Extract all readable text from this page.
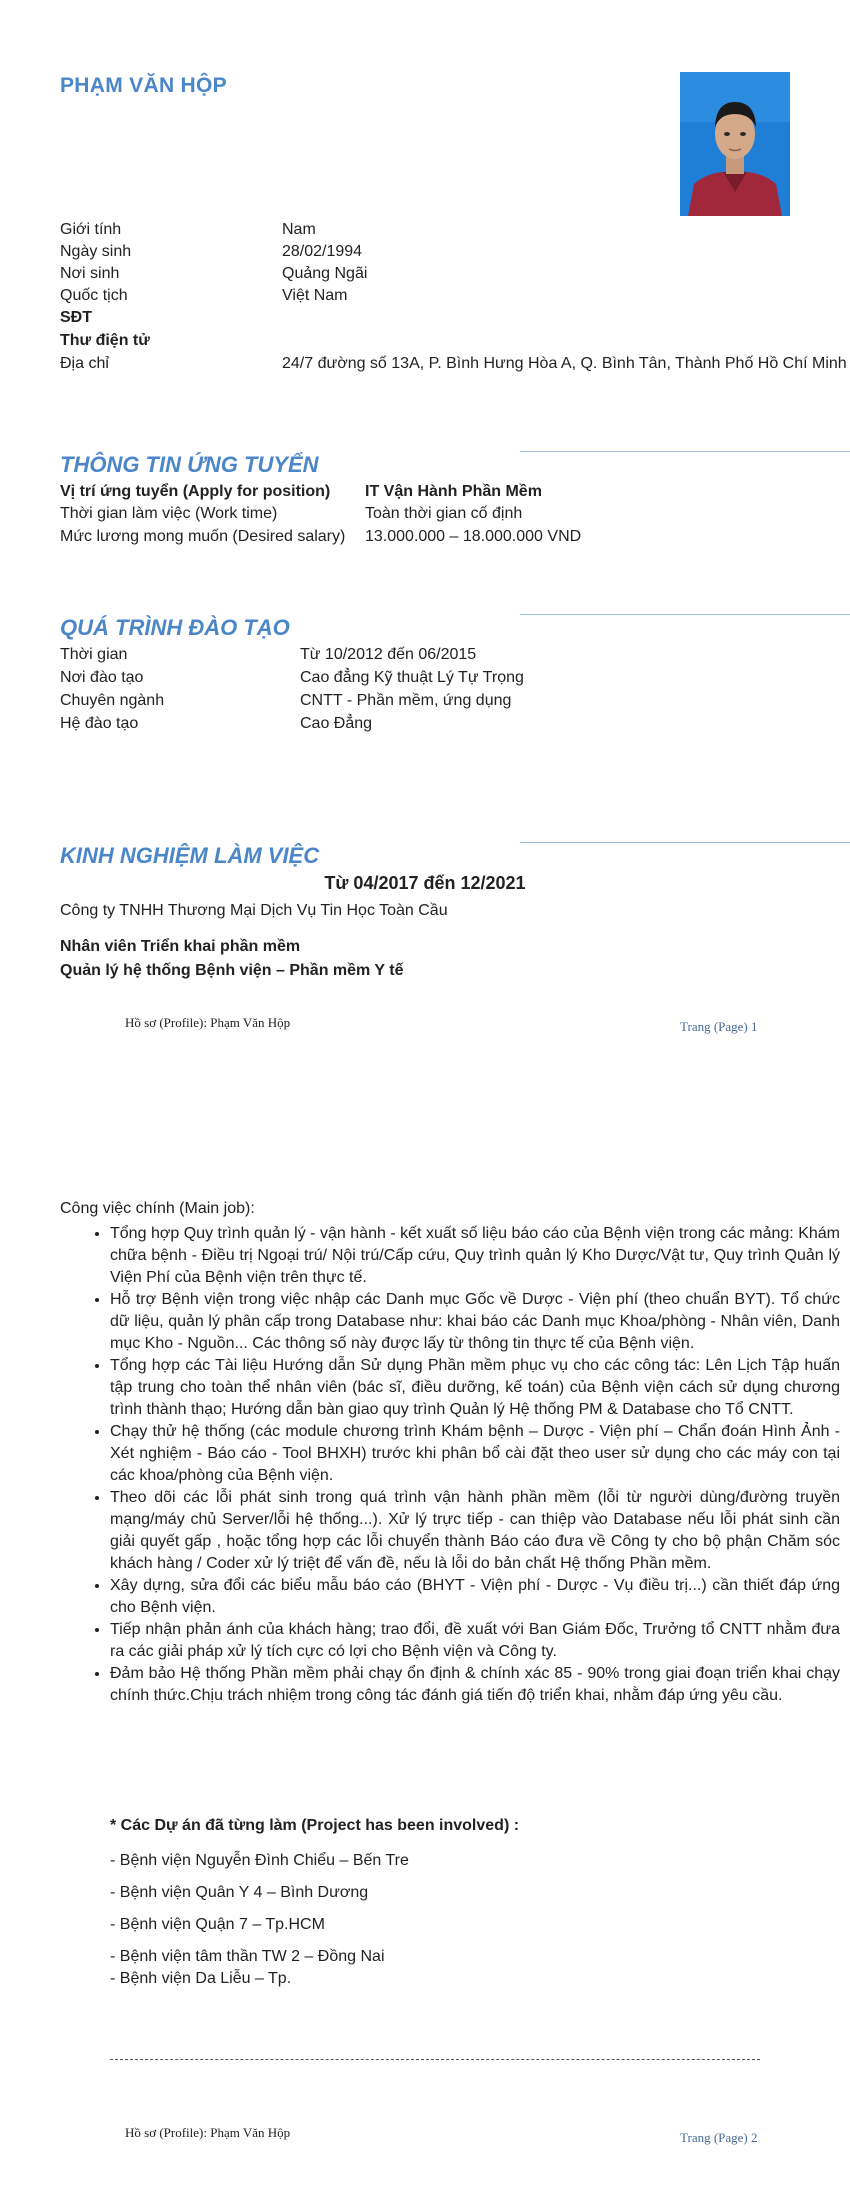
PHẠM VĂN HỘP
Giới tính	Nam
Ngày sinh	28/02/1994
Nơi sinh	Quảng Ngãi
Quốc tịch	Việt Nam
SĐT
Thư điện tử
Địa chỉ	24/7 đường số 13A, P. Bình Hưng Hòa A, Q. Bình Tân, Thành Phố Hồ Chí Minh
THÔNG TIN ỨNG TUYỂN
Vị trí ứng tuyển (Apply for position) IT Vận Hành Phần Mềm
Thời gian làm việc (Work time)	Toàn thời gian cố định
Mức lương mong muốn (Desired salary) 13.000.000 – 18.000.000 VND
QUÁ TRÌNH ĐÀO TẠO
Thời gian	Từ 10/2012 đến 06/2015
Nơi đào tạo	Cao đẳng Kỹ thuật Lý Tự Trọng
Chuyên ngành	CNTT - Phần mềm, ứng dụng
Hệ đào tạo	Cao Đẳng
KINH NGHIỆM LÀM VIỆC
Từ 04/2017 đến 12/2021
Công ty TNHH Thương Mại Dịch Vụ Tin Học Toàn Cầu
Nhân viên Triển khai phần mềm
Quản lý hệ thống Bệnh viện – Phần mềm Y tế
Hồ sơ (Profile): Phạm Văn Hộp	Trang (Page) 1
Công việc chính (Main job):
• Tổng hợp Quy trình quản lý - vận hành - kết xuất số liệu báo cáo của Bệnh viện trong các mảng: Khám chữa bệnh - Điều trị Ngoại trú/ Nội trú/Cấp cứu, Quy trình quản lý Kho Dược/Vật tư, Quy trình Quản lý Viện Phí của Bệnh viện trên thực tế.
• Hỗ trợ Bệnh viện trong việc nhập các Danh mục Gốc về Dược - Viện phí (theo chuẩn BYT). Tổ chức dữ liệu, quản lý phân cấp trong Database như: khai báo các Danh mục Khoa/phòng - Nhân viên, Danh mục Kho - Nguồn... Các thông số này được lấy từ thông tin thực tế của Bệnh viện.
• Tổng hợp các Tài liệu Hướng dẫn Sử dụng Phần mềm phục vụ cho các công tác: Lên Lịch Tập huấn tập trung cho toàn thể nhân viên (bác sĩ, điều dưỡng, kế toán) của Bệnh viện cách sử dụng chương trình thành thạo; Hướng dẫn bàn giao quy trình Quản lý Hệ thống PM & Database cho Tổ CNTT.
• Chạy thử hệ thống (các module chương trình Khám bệnh – Dược - Viện phí – Chẩn đoán Hình Ảnh - Xét nghiệm - Báo cáo - Tool BHXH) trước khi phân bổ cài đặt theo user sử dụng cho các máy con tại các khoa/phòng của Bệnh viện.
• Theo dõi các lỗi phát sinh trong quá trình vận hành phần mềm (lỗi từ người dùng/đường truyền mạng/máy chủ Server/lỗi hệ thống...). Xử lý trực tiếp - can thiệp vào Database nếu lỗi phát sinh cần giải quyết gấp , hoặc tổng hợp các lỗi chuyển thành Báo cáo đưa về Công ty cho bộ phận Chăm sóc khách hàng / Coder xử lý triệt để vấn đề, nếu là lỗi do bản chất Hệ thống Phần mềm.
• Xây dựng, sửa đổi các biểu mẫu báo cáo (BHYT - Viện phí - Dược - Vụ điều trị...) cần thiết đáp ứng cho Bệnh viện.
• Tiếp nhận phản ánh của khách hàng; trao đổi, đề xuất với Ban Giám Đốc, Trưởng tổ CNTT nhằm đưa ra các giải pháp xử lý tích cực có lợi cho Bệnh viện và Công ty.
• Đảm bảo Hệ thống Phần mềm phải chạy ổn định & chính xác 85 - 90% trong giai đoạn triển khai chạy chính thức.Chịu trách nhiệm trong công tác đánh giá tiến độ triển khai, nhằm đáp ứng yêu cầu.
* Các Dự án đã từng làm (Project has been involved) :
- Bệnh viện Nguyễn Đình Chiểu – Bến Tre
- Bệnh viện Quân Y 4 – Bình Dương
- Bệnh viện Quận 7 – Tp.HCM
- Bệnh viện tâm thần TW 2 – Đồng Nai
- Bệnh viện Da Liễu – Tp.
Hồ sơ (Profile): Phạm Văn Hộp	Trang (Page) 2
